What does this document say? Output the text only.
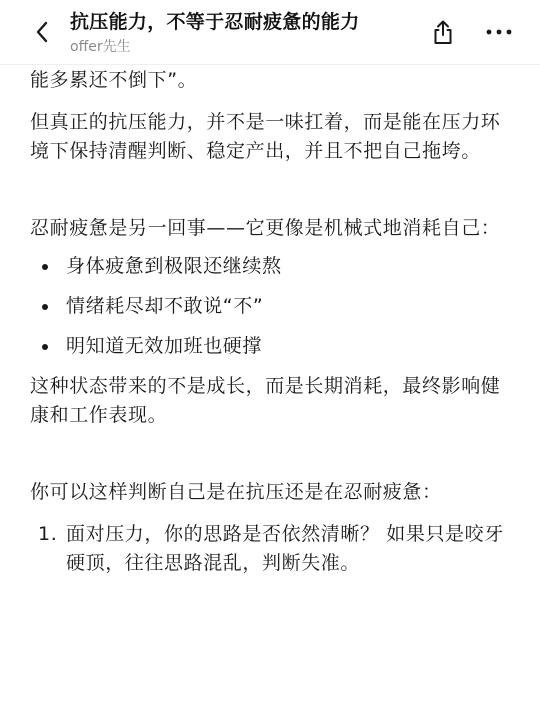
抗压能力，不等于忍耐疲惫的能力
offer先生

能多累还不倒下”。

但真正的抗压能力，并不是一味扛着，而是能在压力环境下保持清醒判断、稳定产出，并且不把自己拖垮。

忍耐疲惫是另一回事——它更像是机械式地消耗自己：

身体疲惫到极限还继续熬
情绪耗尽却不敢说“不”
明知道无效加班也硬撑

这种状态带来的不是成长，而是长期消耗，最终影响健康和工作表现。

你可以这样判断自己是在抗压还是在忍耐疲惫：

1. 面对压力，你的思路是否依然清晰？ 如果只是咬牙硬顶，往往思路混乱，判断失准。
